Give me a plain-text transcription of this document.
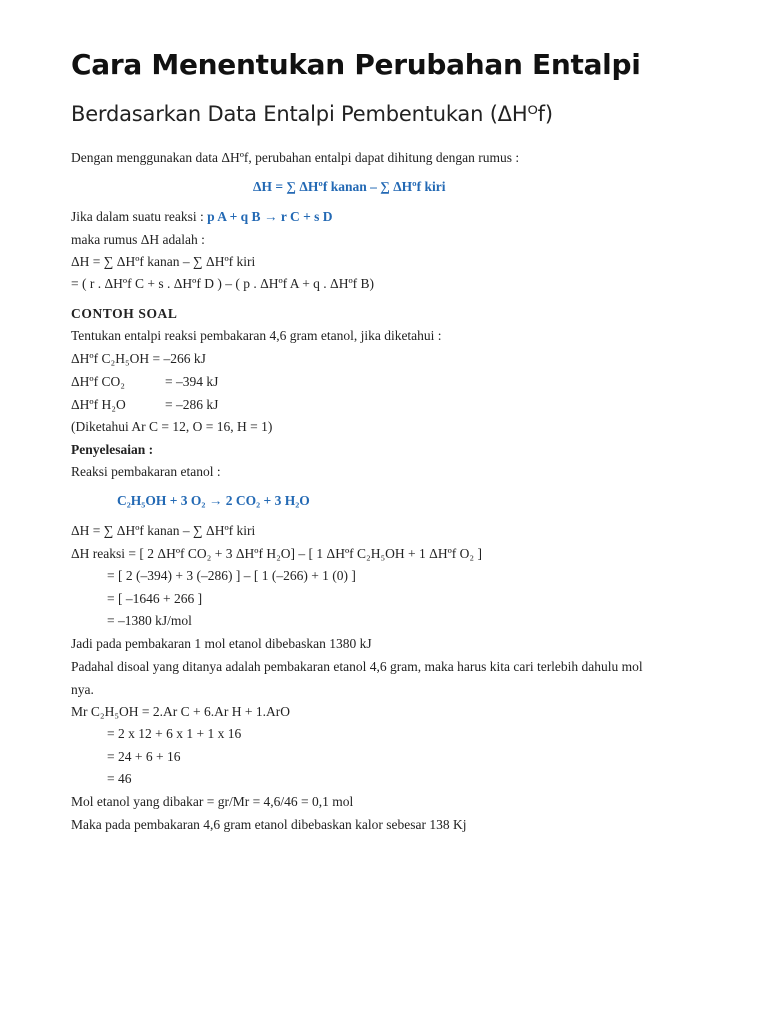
Cara Menentukan Perubahan Entalpi
Berdasarkan Data Entalpi Pembentukan (ΔHᴼf)
Dengan menggunakan data ΔHºf, perubahan entalpi dapat dihitung dengan rumus :
ΔH = ∑ ΔHºf kanan – ∑ ΔHºf kiri
Jika dalam suatu reaksi : p A + q B → r C + s D
maka rumus ΔH adalah :
ΔH = ∑ ΔHºf kanan – ∑ ΔHºf kiri
= ( r . ΔHºf C + s . ΔHºf D ) – ( p . ΔHºf A + q . ΔHºf B)
CONTOH SOAL
Tentukan entalpi reaksi pembakaran 4,6 gram etanol, jika diketahui :
ΔHºf C₂H₅OH = –266 kJ
ΔHºf CO₂	= –394 kJ
ΔHºf H₂O	= –286 kJ
(Diketahui Ar C = 12, O = 16, H = 1)
Penyelesaian :
Reaksi pembakaran etanol :
C₂H₅OH + 3 O₂ → 2 CO₂ + 3 H₂O
ΔH = ∑ ΔHºf kanan – ∑ ΔHºf kiri
ΔH reaksi = [ 2 ΔHºf CO₂ + 3 ΔHºf H₂O] – [ 1 ΔHºf C₂H₅OH + 1 ΔHºf O₂ ]
= [ 2 (–394) + 3 (–286) ] – [ 1 (–266) + 1 (0) ]
= [ –1646 + 266 ]
= –1380 kJ/mol
Jadi pada pembakaran 1 mol etanol dibebaskan 1380 kJ
Padahal disoal yang ditanya adalah pembakaran etanol 4,6 gram, maka harus kita cari terlebih dahulu mol
nya.
Mr C₂H₅OH = 2.Ar C + 6.Ar H + 1.ArO
= 2 x 12 + 6 x 1 + 1 x 16
= 24 + 6 + 16
= 46
Mol etanol yang dibakar = gr/Mr = 4,6/46 = 0,1 mol
Maka pada pembakaran 4,6 gram etanol dibebaskan kalor sebesar 138 Kj
